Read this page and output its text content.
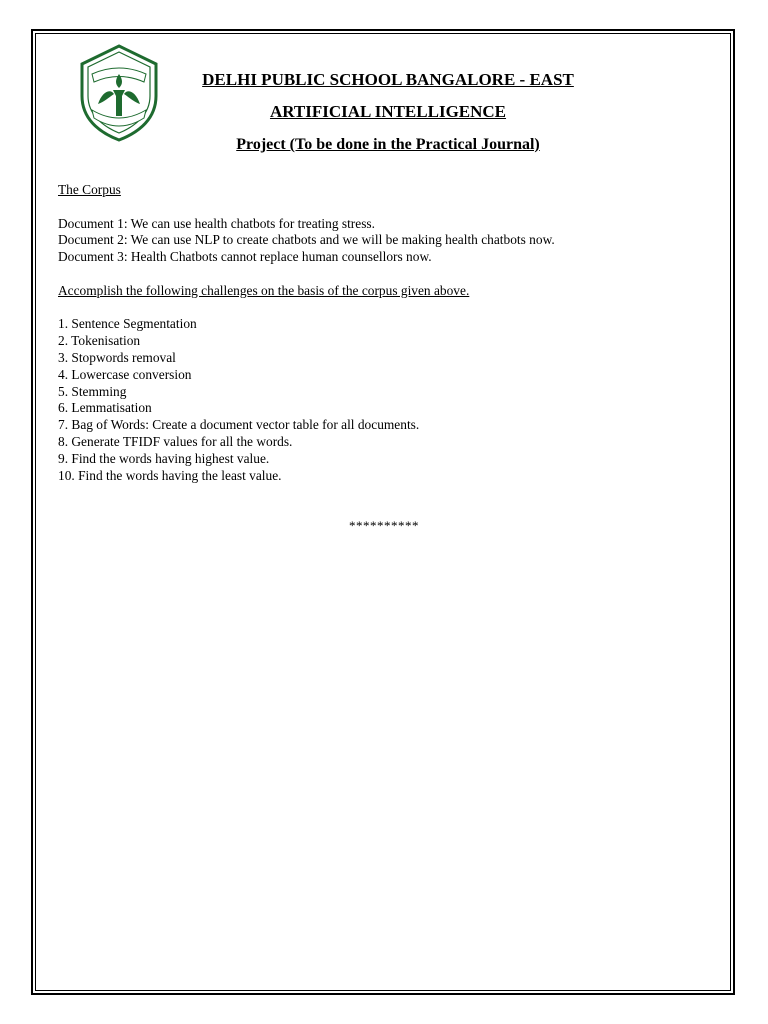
DELHI PUBLIC SCHOOL BANGALORE - EAST
ARTIFICIAL INTELLIGENCE
Project (To be done in the Practical Journal)

The Corpus

Document 1: We can use health chatbots for treating stress.

Document 2: We can use NLP to create chatbots and we will be making health chatbots now.

Document 3: Health Chatbots cannot replace human counsellors now.

Accomplish the following challenges on the basis of the corpus given above.

1. Sentence Segmentation

2. Tokenisation

3. Stopwords removal

4. Lowercase conversion

5. Stemming

6. Lemmatisation

7. Bag of Words: Create a document vector table for all documents.

8. Generate TFIDF values for all the words.

9. Find the words having highest value.

10. Find the words having the least value.

**********
